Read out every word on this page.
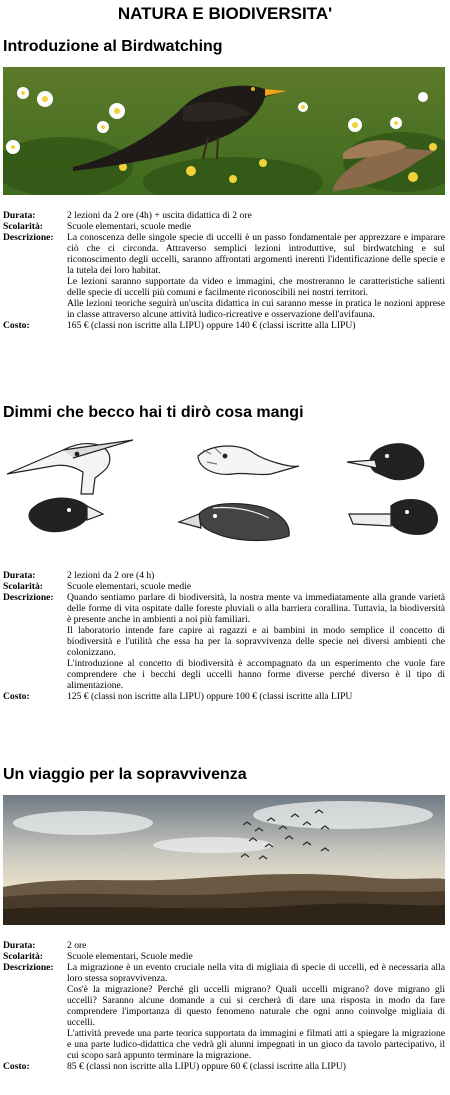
NATURA E BIODIVERSITA'
Introduzione al Birdwatching
Durata:	2 lezioni da 2 ore (4h) + uscita didattica di 2 ore
Scolarità:	Scuole elementari, scuole medie
Descrizione:	La conoscenza delle singole specie di uccelli è un passo fondamentale per apprezzare e imparare ciò che ci circonda. Attraverso semplici lezioni introduttive, sul birdwatching e sul riconoscimento degli uccelli, saranno affrontati argomenti inerenti l'identificazione delle specie e la tutela dei loro habitat.

Le lezioni saranno supportate da video e immagini, che mostreranno le caratteristiche salienti delle specie di uccelli più comuni e facilmente riconoscibili nei nostri territori.

Alle lezioni teoriche seguirà un'uscita didattica in cui saranno messe in pratica le nozioni apprese in classe attraverso alcune attività ludico-ricreative e osservazione dell'avifauna.

Costo:	165 € (classi non iscritte alla LIPU) oppure 140 € (classi iscritte alla LIPU)
Dimmi che becco hai ti dirò cosa mangi
Durata:	2 lezioni da 2 ore (4 h)
Scolarità:	Scuole elementari, scuole medie
Descrizione:	Quando sentiamo parlare di biodiversità, la nostra mente va immediatamente alla grande varietà delle forme di vita ospitate dalle foreste pluviali o alla barriera corallina. Tuttavia, la biodiversità è presente anche in ambienti a noi più familiari.

Il laboratorio intende fare capire ai ragazzi e ai bambini in modo semplice il concetto di biodiversità e l'utilità che essa ha per la sopravvivenza delle specie nei diversi ambienti che colonizzano.

L'introduzione al concetto di biodiversità è accompagnato da un esperimento che vuole fare comprendere che i becchi degli uccelli hanno forme diverse perché diverso è il tipo di alimentazione.

Costo:	125 € (classi non iscritte alla LIPU) oppure 100 € (classi iscritte alla LIPU
Un viaggio per la sopravvivenza
Durata:	2 ore
Scolarità:	Scuole elementari, Scuole medie
Descrizione:	La migrazione è un evento cruciale nella vita di migliaia di specie di uccelli, ed è necessaria alla loro stessa sopravvivenza.

Cos'è la migrazione? Perché gli uccelli migrano? Quali uccelli migrano? dove migrano gli uccelli? Saranno alcune domande a cui si cercherà di dare una risposta in modo da fare comprendere l'importanza di questo fenomeno naturale che ogni anno coinvolge migliaia di uccelli.

L'attività prevede una parte teorica supportata da immagini e filmati atti a spiegare la migrazione e una parte ludico-didattica che vedrà gli alunni impegnati in un gioco da tavolo partecipativo, il cui scopo sarà appunto terminare la migrazione.

Costo:	85 € (classi non iscritte alla LIPU) oppure 60 € (classi iscritte alla LIPU)
